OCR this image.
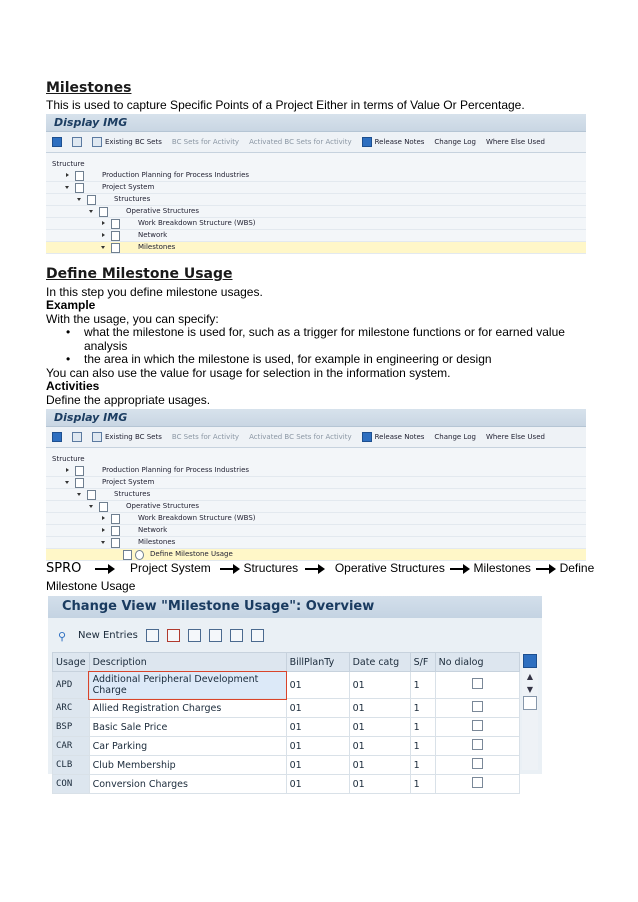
Milestones
This is used to capture Specific Points of a Project Either in terms of Value Or Percentage.
Display IMG
Existing BC Sets BC Sets for Activity Activated BC Sets for Activity	Release Notes Change Log Where Else Used
Structure
Production Planning for Process Industries
Project System
Structures
Operative Structures
Work Breakdown Structure (WBS)
Network
Milestones
Define Milestone Usage
In this step you define milestone usages.
Example
With the usage, you can specify:
• what the milestone is used for, such as a trigger for milestone functions or for earned value
analysis
• the area in which the milestone is used, for example in engineering or design
You can also use the value for usage for selection in the information system.
Activities
Define the appropriate usages.
Display IMG
Existing BC Sets BC Sets for Activity Activated BC Sets for Activity	Release Notes Change Log Where Else Used
Structure
Production Planning for Process Industries
Project System
Structures
Operative Structures
Work Breakdown Structure (WBS)
Network
Milestones
Define Milestone Usage
SPRO	Project System	Structures	Operative Structures Milestones Define
Milestone Usage
Change View "Milestone Usage": Overview
⚲	New Entries
Usage	Description	BillPlanTy	Date catg	S/F	No dialog
APD	Additional Peripheral Development Charge	01	01	1	
ARC	Allied Registration Charges	01	01	1	
BSP	Basic Sale Price	01	01	1	
CAR	Car Parking	01	01	1	
CLB	Club Membership	01	01	1	
CON	Conversion Charges	01	01	1	
▲
▼
